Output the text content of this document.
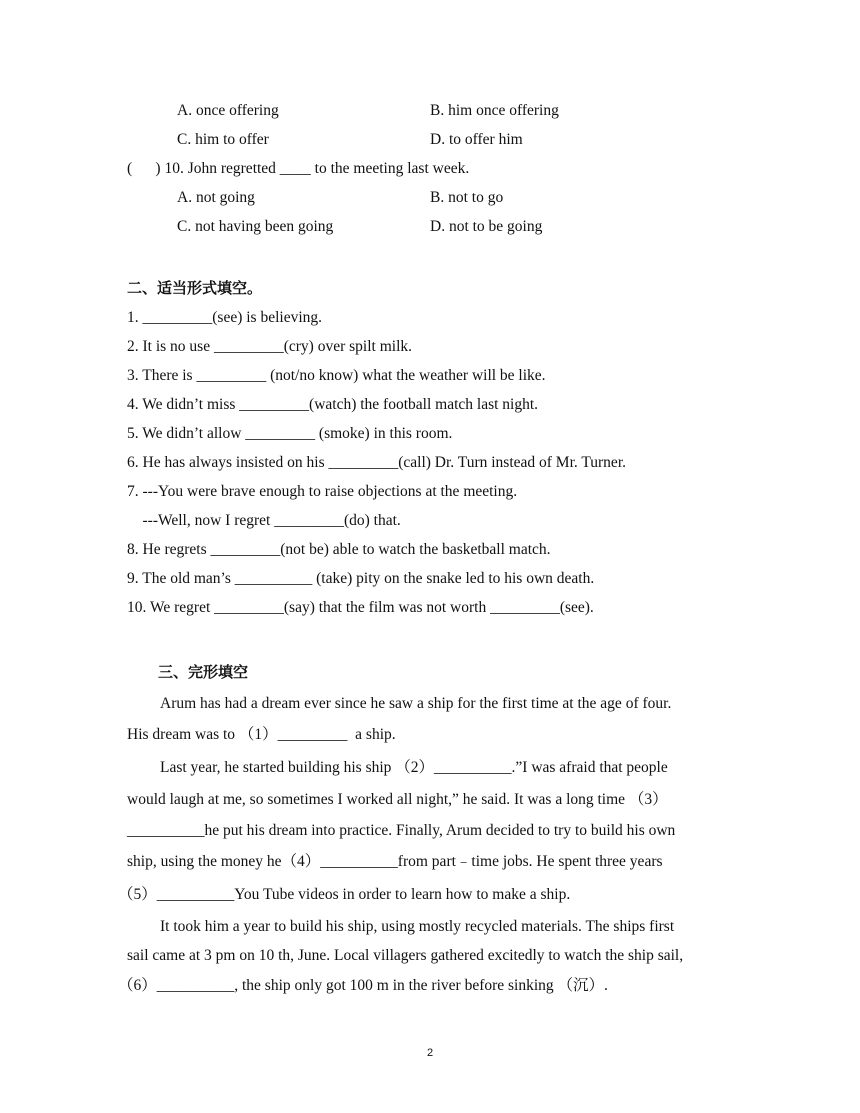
A. once offering	B. him once offering
C. him to offer	D. to offer him
(      ) 10. John regretted ____ to the meeting last week.
A. not going	B. not to go
C. not having been going	D. not to be going
二、适当形式填空。
1. _________(see) is believing.
2. It is no use _________(cry) over spilt milk.
3. There is _________ (not/no know) what the weather will be like.
4. We didn’t miss _________(watch) the football match last night.
5. We didn’t allow _________ (smoke) in this room.
6. He has always insisted on his _________(call) Dr. Turn instead of Mr. Turner.
7. ---You were brave enough to raise objections at the meeting.
---Well, now I regret _________(do) that.
8. He regrets _________(not be) able to watch the basketball match.
9. The old man’s __________ (take) pity on the snake led to his own death.
10. We regret _________(say) that the film was not worth _________(see).
三、完形填空
Arum has had a dream ever since he saw a ship for the first time at the age of four.
His dream was to （1）_________  a ship.
Last year, he started building his ship （2）__________.”I was afraid that people
would laugh at me, so sometimes I worked all night,” he said. It was a long time （3）
__________he put his dream into practice. Finally, Arum decided to try to build his own
ship, using the money he（4）__________from part﹣time jobs. He spent three years
（5）__________You Tube videos in order to learn how to make a ship.
It took him a year to build his ship, using mostly recycled materials. The ships first
sail came at 3 pm on 10 th, June. Local villagers gathered excitedly to watch the ship sail,
（6）__________, the ship only got 100 m in the river before sinking （沉）.
2
